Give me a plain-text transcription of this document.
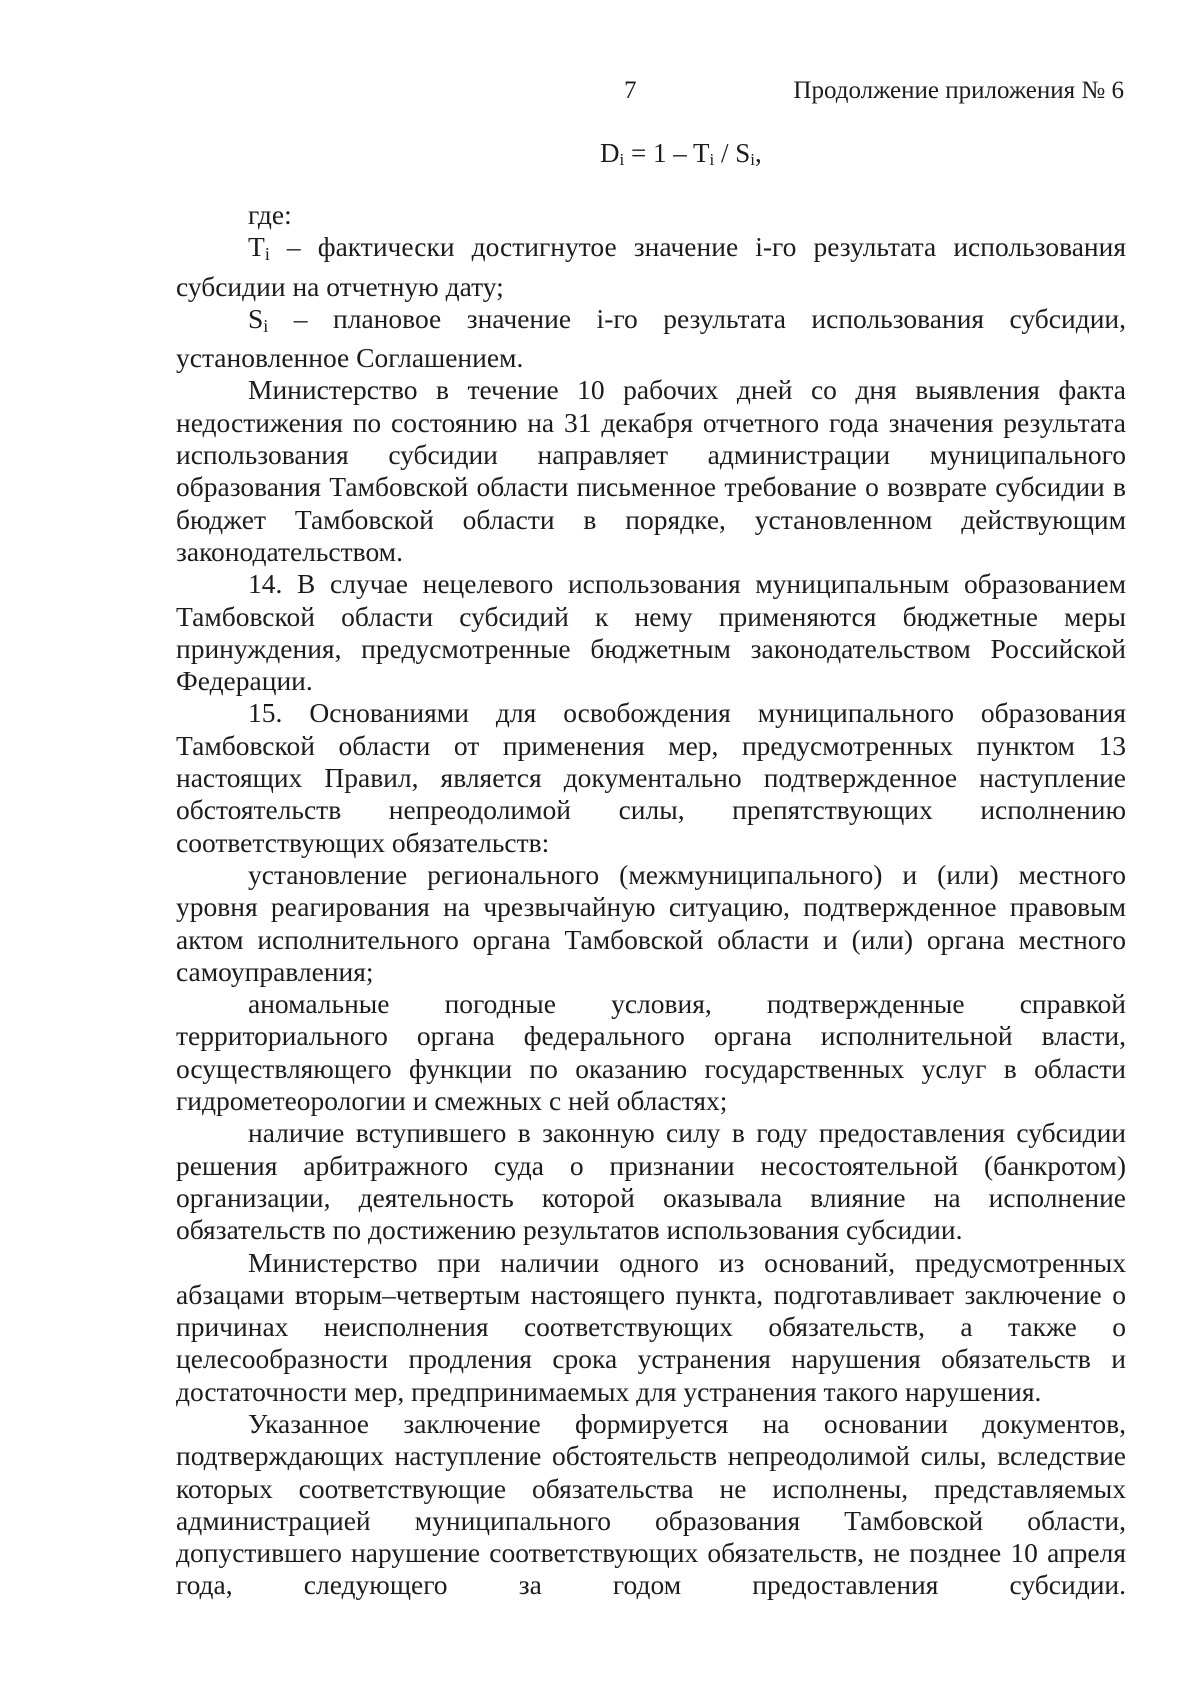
7	Продолжение приложения № 6
$D_i = 1 - T_i / S_i$,

где:

$T_i$ – фактически достигнутое значение i-го результата использования субсидии на отчетную дату;

$S_i$ – плановое значение i-го результата использования субсидии, установленное Соглашением.

Министерство в течение 10 рабочих дней со дня выявления факта недостижения по состоянию на 31 декабря отчетного года значения результата использования субсидии направляет администрации муниципального образования Тамбовской области письменное требование о возврате субсидии в бюджет Тамбовской области в порядке, установленном действующим законодательством.

14. В случае нецелевого использования муниципальным образованием Тамбовской области субсидий к нему применяются бюджетные меры принуждения, предусмотренные бюджетным законодательством Российской Федерации.

15. Основаниями для освобождения муниципального образования Тамбовской области от применения мер, предусмотренных пунктом 13 настоящих Правил, является документально подтвержденное наступление обстоятельств непреодолимой силы, препятствующих исполнению соответствующих обязательств:

установление регионального (межмуниципального) и (или) местного уровня реагирования на чрезвычайную ситуацию, подтвержденное правовым актом исполнительного органа Тамбовской области и (или) органа местного самоуправления;

аномальные погодные условия, подтвержденные справкой территориального органа федерального органа исполнительной власти, осуществляющего функции по оказанию государственных услуг в области гидрометеорологии и смежных с ней областях;

наличие вступившего в законную силу в году предоставления субсидии решения арбитражного суда о признании несостоятельной (банкротом) организации, деятельность которой оказывала влияние на исполнение обязательств по достижению результатов использования субсидии.

Министерство при наличии одного из оснований, предусмотренных абзацами вторым–четвертым настоящего пункта, подготавливает заключение о причинах неисполнения соответствующих обязательств, а также о целесообразности продления срока устранения нарушения обязательств и достаточности мер, предпринимаемых для устранения такого нарушения.

Указанное заключение формируется на основании документов, подтверждающих наступление обстоятельств непреодолимой силы, вследствие которых соответствующие обязательства не исполнены, представляемых администрацией муниципального образования Тамбовской области, допустившего нарушение соответствующих обязательств, не позднее 10 апреля года, следующего за годом предоставления субсидии.
